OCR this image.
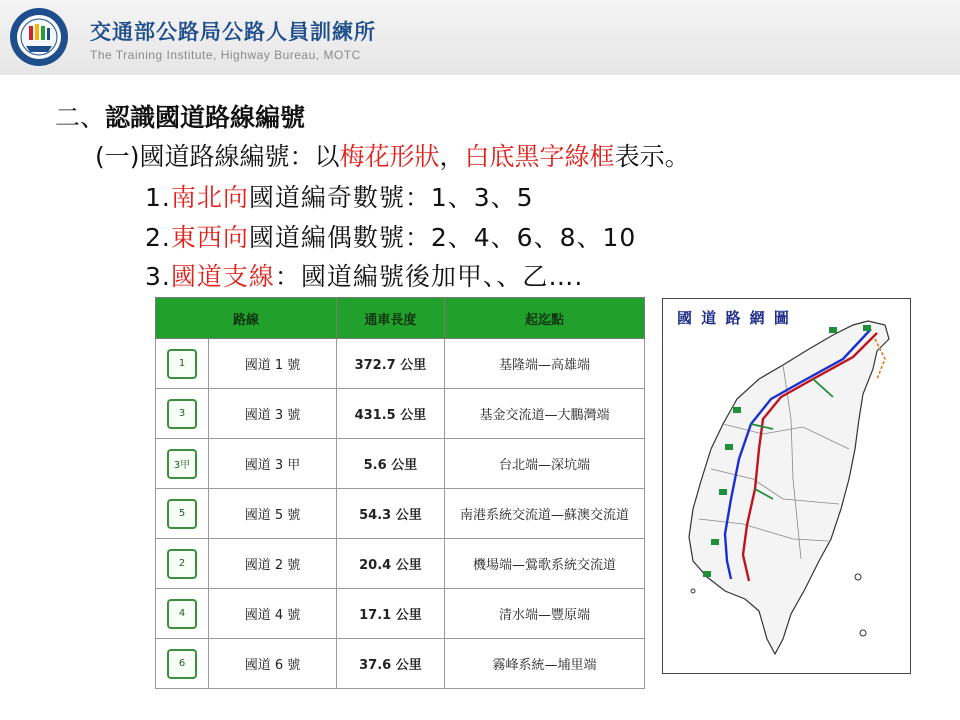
交通部公路局公路人員訓練所
The Training Institute, Highway Bureau, MOTC
二、認識國道路線編號
(一)國道路線編號：以梅花形狀，白底黑字綠框表示。
1.南北向國道編奇數號：1、3、5
2.東西向國道編偶數號：2、4、6、8、10
3.國道支線：國道編號後加甲、、乙….
路線		通車長度	起迄點

1	國道 1 號	372.7 公里	基隆端—高雄端

3	國道 3 號	431.5 公里	基金交流道—大鵬灣端

3甲	國道 3 甲	5.6 公里	台北端—深坑端

5	國道 5 號	54.3 公里	南港系統交流道—蘇澳交流道

2	國道 2 號	20.4 公里	機場端—鶯歌系統交流道

4	國道 4 號	17.1 公里	清水端—豐原端

6	國道 6 號	37.6 公里	霧峰系統—埔里端
國 道 路 網 圖
